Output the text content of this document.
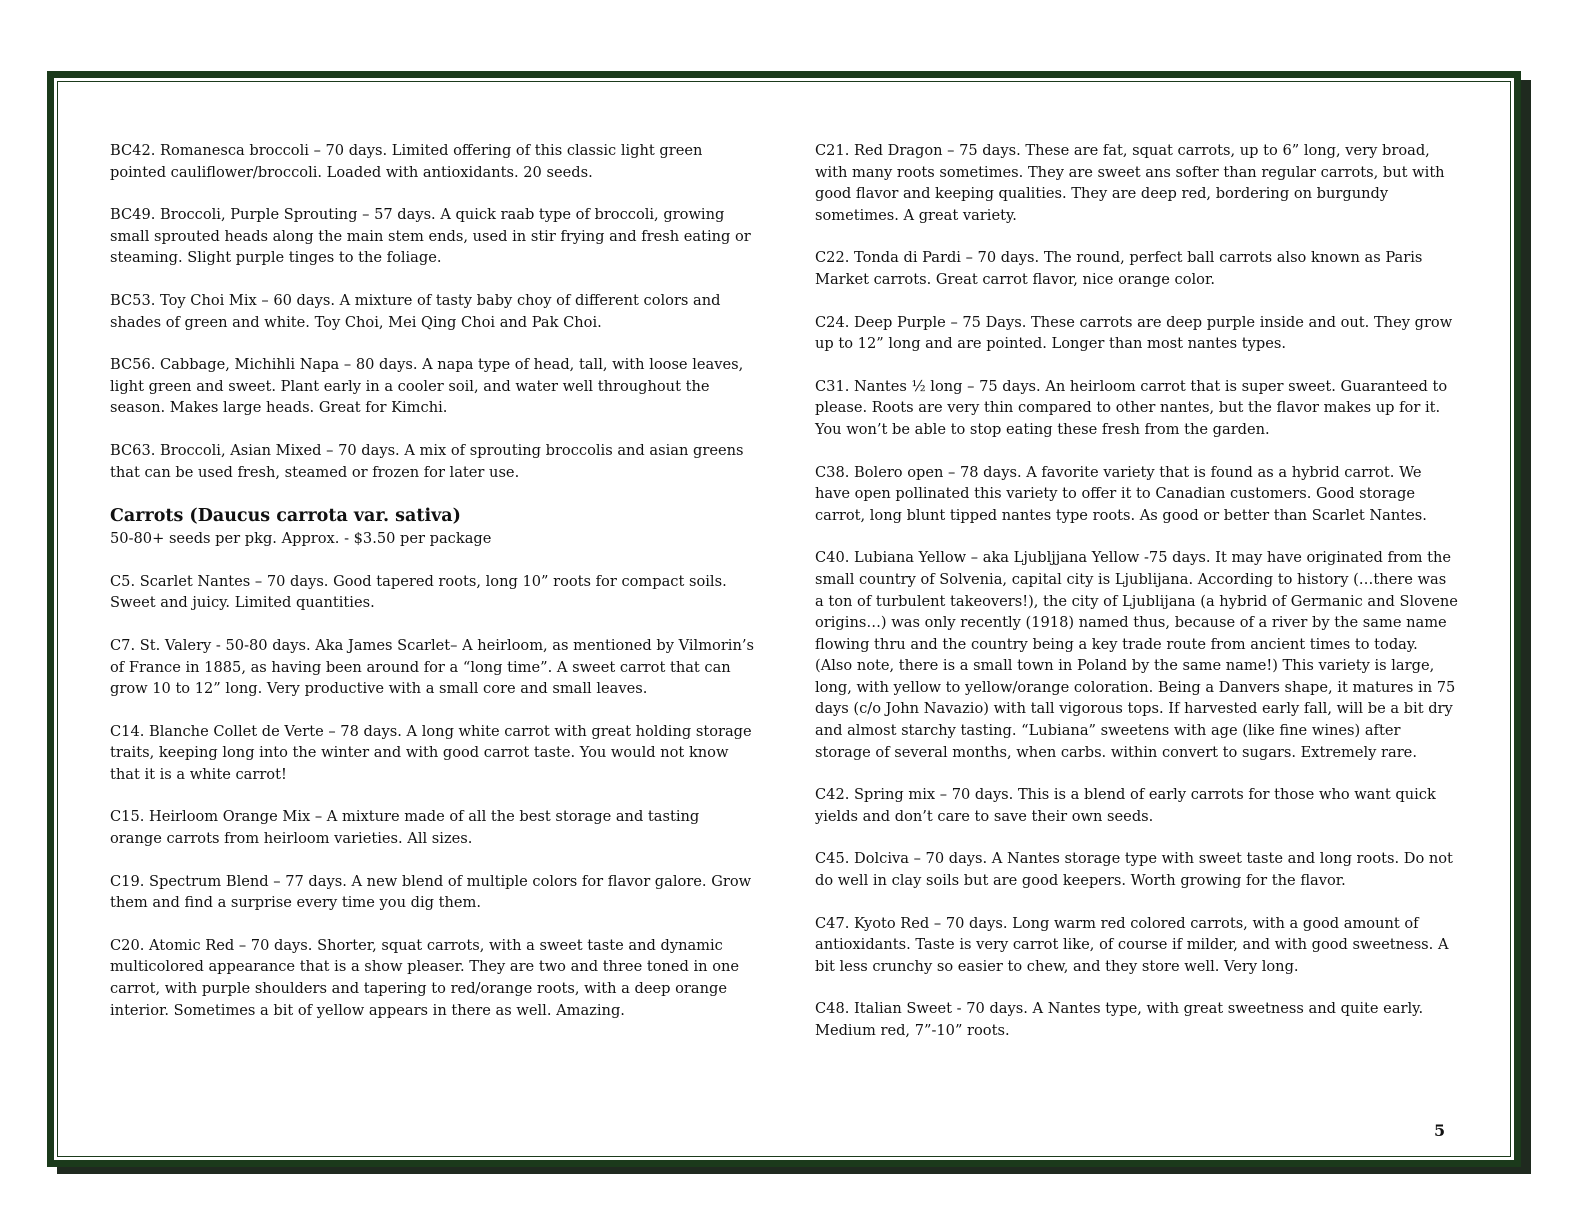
BC42. Romanesca broccoli – 70 days. Limited offering of this classic light green pointed cauliflower/broccoli. Loaded with antioxidants. 20 seeds.

BC49. Broccoli, Purple Sprouting – 57 days. A quick raab type of broccoli, growing small sprouted heads along the main stem ends, used in stir frying and fresh eating or steaming. Slight purple tinges to the foliage.

BC53. Toy Choi Mix – 60 days. A mixture of tasty baby choy of different colors and shades of green and white. Toy Choi, Mei Qing Choi and Pak Choi.

BC56. Cabbage, Michihli Napa – 80 days. A napa type of head, tall, with loose leaves, light green and sweet. Plant early in a cooler soil, and water well throughout the season. Makes large heads. Great for Kimchi.

BC63. Broccoli, Asian Mixed – 70 days. A mix of sprouting broccolis and asian greens that can be used fresh, steamed or frozen for later use.

Carrots (Daucus carrota var. sativa)

50-80+ seeds per pkg. Approx. - $3.50 per package

C5. Scarlet Nantes – 70 days. Good tapered roots, long 10” roots for compact soils. Sweet and juicy. Limited quantities.

C7. St. Valery - 50-80 days. Aka James Scarlet– A heirloom, as mentioned by Vilmorin’s of France in 1885, as having been around for a “long time”. A sweet carrot that can grow 10 to 12” long. Very productive with a small core and small leaves.

C14. Blanche Collet de Verte – 78 days. A long white carrot with great holding storage traits, keeping long into the winter and with good carrot taste. You would not know that it is a white carrot!

C15. Heirloom Orange Mix – A mixture made of all the best storage and tasting orange carrots from heirloom varieties. All sizes.

C19. Spectrum Blend – 77 days. A new blend of multiple colors for flavor galore. Grow them and find a surprise every time you dig them.

C20. Atomic Red – 70 days. Shorter, squat carrots, with a sweet taste and dynamic multicolored appearance that is a show pleaser. They are two and three toned in one carrot, with purple shoulders and tapering to red/orange roots, with a deep orange interior. Sometimes a bit of yellow appears in there as well. Amazing.

C21. Red Dragon – 75 days. These are fat, squat carrots, up to 6” long, very broad, with many roots sometimes. They are sweet ans softer than regular carrots, but with good flavor and keeping qualities. They are deep red, bordering on burgundy sometimes. A great variety.

C22. Tonda di Pardi – 70 days. The round, perfect ball carrots also known as Paris Market carrots. Great carrot flavor, nice orange color.

C24. Deep Purple – 75 Days. These carrots are deep purple inside and out. They grow up to 12” long and are pointed. Longer than most nantes types.

C31. Nantes ½ long – 75 days. An heirloom carrot that is super sweet. Guaranteed to please. Roots are very thin compared to other nantes, but the flavor makes up for it. You won’t be able to stop eating these fresh from the garden.

C38. Bolero open – 78 days. A favorite variety that is found as a hybrid carrot. We have open pollinated this variety to offer it to Canadian customers. Good storage carrot, long blunt tipped nantes type roots. As good or better than Scarlet Nantes.

C40. Lubiana Yellow – aka Ljubljjana Yellow -75 days. It may have originated from the small country of Solvenia, capital city is Ljublijana. According to history (…there was a ton of turbulent takeovers!), the city of Ljublijana (a hybrid of Germanic and Slovene origins…) was only recently (1918) named thus, because of a river by the same name flowing thru and the country being a key trade route from ancient times to today. (Also note, there is a small town in Poland by the same name!) This variety is large, long, with yellow to yellow/orange coloration. Being a Danvers shape, it matures in 75 days (c/o John Navazio) with tall vigorous tops. If harvested early fall, will be a bit dry and almost starchy tasting. “Lubiana” sweetens with age (like fine wines) after storage of several months, when carbs. within convert to sugars. Extremely rare.

C42. Spring mix – 70 days. This is a blend of early carrots for those who want quick yields and don’t care to save their own seeds.

C45. Dolciva – 70 days. A Nantes storage type with sweet taste and long roots. Do not do well in clay soils but are good keepers. Worth growing for the flavor.

C47. Kyoto Red – 70 days. Long warm red colored carrots, with a good amount of antioxidants. Taste is very carrot like, of course if milder, and with good sweetness. A bit less crunchy so easier to chew, and they store well. Very long.

C48. Italian Sweet - 70 days. A Nantes type, with great sweetness and quite early. Medium red, 7”-10” roots.

5
